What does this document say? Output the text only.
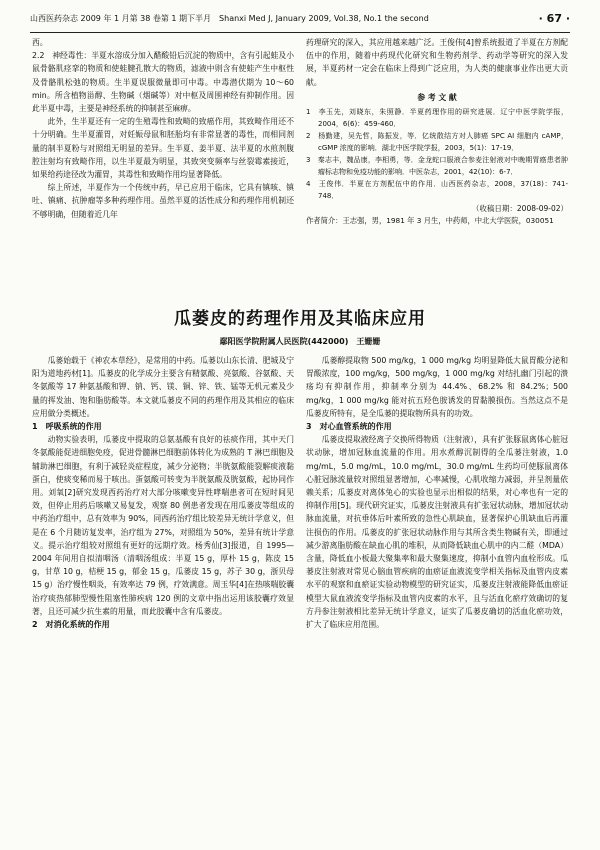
山西医药杂志 2009 年 1 月第 38 卷第 1 期下半月　Shanxi Med J, January 2009, Vol.38, No.1 the second	· 67 ·

西。

2.2　神经毒性：半夏水溶成分加入醋酸铅后沉淀的物质中，含有引起蛙及小鼠骨骼肌痉挛的物质和使蛙腱孔散大的物质，滤液中则含有使蛙产生中枢性及骨骼肌松弛的物质。生半夏误服微量即可中毒。中毒潜伏期为 10～60 min。所含植物甾醇、生物碱（烟碱等）对中枢及周围神经有抑制作用。因此半夏中毒，主要是神经系统的抑制甚至麻痹。

此外，生半夏还有一定的生殖毒性和致畸的致癌作用，其致畸作用还不十分明确。生半夏灌胃，对妊娠母鼠和胚胎均有非常显著的毒性，而相同剂量的制半夏粉与对照组无明显的差异。生半夏、姜半夏、法半夏的水煎剂腹腔注射均有致畸作用，以生半夏最为明显，其致突变频率与丝裂霉素接近，如果给药途径改为灌胃，其毒性和致畸作用均显著降低。

综上所述，半夏作为一个传统中药，早已应用于临床，它具有镇咳、镇吐、镇痛、抗肿瘤等多种药理作用。虽然半夏的活性成分和药理作用机制还不够明确，但随着近几年

药理研究的深入，其应用越来越广泛。王俊伟[4]曾系统报道了半夏在方剂配伍中的作用，随着中药现代化研究和生物药剂学、药动学等研究的深入发展，半夏药材一定会在临床上得到广泛应用，为人类的健康事业作出更大贡献。

参 考 文 献
1　李玉先，刘晓东，朱照静．半夏药理作用的研究进展．辽宁中医学院学报，2004，6(6)：459-460．
2　杨勤建，吴先哲，陈振发，等．亿统散结方对人肺癌 SPC AI 细胞内 cAMP，cGMP 浓度的影响．湖北中医学院学报，2003，5(1)：17-19．
3　秦志丰，魏品康，李相勇，等．金龙蛇口服液合参麦注射液对中晚期胃癌患者肿瘤标志物和免疫功能的影响．中医杂志，2001，42(10)：6-7．
4　王俊伟．半夏在方剂配伍中的作用．山西医药杂志，2008，37(18)：741-748．
（收稿日期：2008-09-02）
作者简介：王志强，男，1981 年 3 月生，中药师，中北大学医院，030051
瓜蒌皮的药理作用及其临床应用
鄢阳医学院附属人民医院(442000)　王姗姗

瓜蒌始载于《神农本草经》，是常用的中药。瓜蒌以山东长清、肥城及宁阳为道地药材[1]。瓜蒌皮的化学成分主要含有精氨酸、亮氨酸、谷氨酸、天冬氨酸等 17 种氨基酸和钾、钠、钙、镁、铜、锌、铁、锰等无机元素及少量的挥发油、饱和脂肪酸等。本文就瓜蒌皮不同的药理作用及其相应的临床应用做分类概述。

1　呼吸系统的作用

动物实验表明，瓜蒌皮中提取的总氨基酸有良好的祛痰作用，其中天门冬氨酸能促进细胞免疫，促进骨髓淋巴细胞前体转化为成熟的 T 淋巴细胞及辅助淋巴细胞，有利于减轻炎症程度，减少分泌物；半胱氨酸能裂解痰液黏蛋白，使痰变稀而易于咳出。蛋氨酸可转变为半胱氨酸及胱氨酸，起协同作用。刘氧[2]研究发现西药治疗对大部分咳嗽变异性哮喘患者可在短时间见效，但停止用药后咳嗽又易复发，观察 80 例患者发现在用瓜蒌皮等组成的中药治疗组中，总有效率为 90%，同西药治疗组比较差异无统计学意义，但是在 6 个月随访复发率，治疗组为 27%，对照组为 50%，差异有统计学意义。提示治疗组较对照组有更好的远期疗效。杨秀仙[3]报道，自 1995—2004 年间用自拟清咽汤（清咽汤组成：半夏 15 g，厚朴 15 g，陈皮 15 g，甘草 10 g，桔梗 15 g，郁金 15 g，瓜蒌皮 15 g，苏子 30 g，浙贝母 15 g）治疗慢性咽炎，有效率达 79 例，疗效满意。周玉华[4]在热咳喘胶囊治疗痰热郁肺型慢性阻塞性肺疾病 120 例的文章中指出运用该胶囊疗效显著，且还可减少抗生素的用量，而此胶囊中含有瓜蒌皮。

2　对消化系统的作用

瓜蒌醇提取物 500 mg/kg，1 000 mg/kg 均明显降低大鼠胃酸分泌和胃酸浓度，100 mg/kg，500 mg/kg，1 000 mg/kg 对结扎幽门引起的溃疡均有抑制作用，抑制率分别为 44.4%、68.2% 和 84.2%；500 mg/kg，1 000 mg/kg 能对抗五羟色胺诱发的胃黏膜损伤。当然这点不是瓜蒌皮所特有，是全瓜蒌的提取物所具有的功效。

3　对心血管系统的作用

瓜蒌皮提取液经离子交换所得物质（注射液），具有扩张豚鼠离体心脏冠状动脉，增加冠脉血流量的作用。用水煮醇沉制得的全瓜蒌注射液，1.0 mg/mL，5.0 mg/mL，10.0 mg/mL，30.0 mg/mL 生药均可使豚鼠离体心脏冠脉流量较对照组显著增加，心率减慢，心肌收缩力减弱，并呈剂量依赖关系；瓜蒌皮对离体兔心的实验也显示出相似的结果，对心率也有一定的抑制作用[5]。现代研究证实，瓜蒌皮注射液具有扩张冠状动脉，增加冠状动脉血流量，对抗垂体后叶素所致的急性心肌缺血，显著保护心肌缺血后再灌注损伤的作用。瓜蒌皮的扩张冠状动脉作用与其所含类生物碱有关，即通过减少游离脂肪酸在缺血心肌的堆积，从而降低缺血心肌中的内二醛（MDA）含量，降低血小板最大聚集率和最大聚集速度，抑制小血管内血栓形成。瓜蒌皮注射液对常见心脑血管疾病的血瘀证血液流变学相关指标及血管内皮素水平的观察和血瘀证实验动物模型的研究证实，瓜蒌皮注射液能降低血瘀证模型大鼠血液流变学指标及血管内皮素的水平，且与活血化瘀疗效确切的复方丹参注射液相比差异无统计学意义，证实了瓜蒌皮确切的活血化瘀功效，扩大了临床应用范围。
